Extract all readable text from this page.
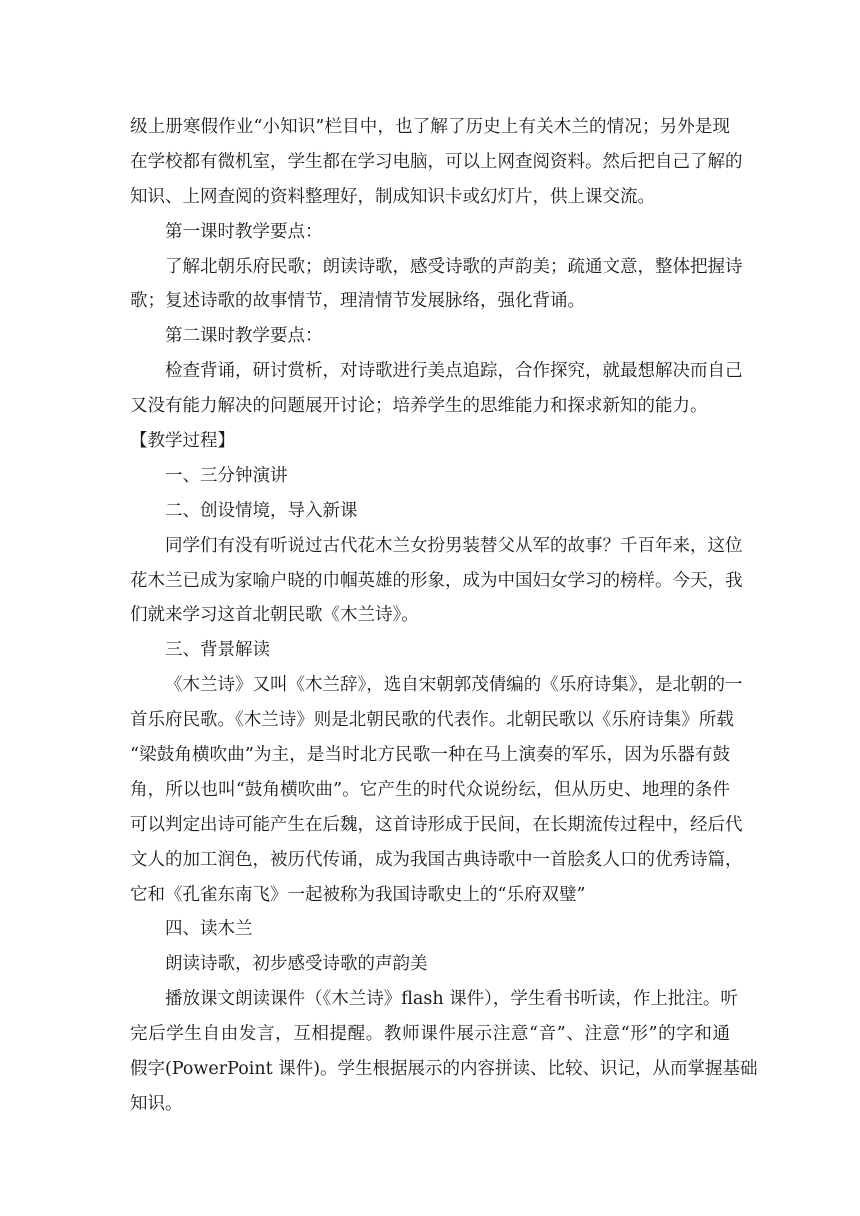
级上册寒假作业“小知识”栏目中，也了解了历史上有关木兰的情况；另外是现

在学校都有微机室，学生都在学习电脑，可以上网查阅资料。然后把自己了解的

知识、上网查阅的资料整理好，制成知识卡或幻灯片，供上课交流。

第一课时教学要点：

了解北朝乐府民歌；朗读诗歌，感受诗歌的声韵美；疏通文意，整体把握诗

歌；复述诗歌的故事情节，理清情节发展脉络，强化背诵。

第二课时教学要点：

检查背诵，研讨赏析，对诗歌进行美点追踪，合作探究，就最想解决而自己

又没有能力解决的问题展开讨论；培养学生的思维能力和探求新知的能力。

【教学过程】

一、三分钟演讲

二、创设情境，导入新课

同学们有没有听说过古代花木兰女扮男装替父从军的故事？千百年来，这位

花木兰已成为家喻户晓的巾帼英雄的形象，成为中国妇女学习的榜样。今天，我

们就来学习这首北朝民歌《木兰诗》。

三、背景解读

《木兰诗》又叫《木兰辞》，选自宋朝郭茂倩编的《乐府诗集》，是北朝的一

首乐府民歌。《木兰诗》则是北朝民歌的代表作。北朝民歌以《乐府诗集》所载

“梁鼓角横吹曲”为主，是当时北方民歌一种在马上演奏的军乐，因为乐器有鼓

角，所以也叫“鼓角横吹曲”。它产生的时代众说纷纭，但从历史、地理的条件

可以判定出诗可能产生在后魏，这首诗形成于民间，在长期流传过程中，经后代

文人的加工润色，被历代传诵，成为我国古典诗歌中一首脍炙人口的优秀诗篇，

它和《孔雀东南飞》一起被称为我国诗歌史上的“乐府双璧”

四、读木兰

朗读诗歌，初步感受诗歌的声韵美

播放课文朗读课件（《木兰诗》flash 课件），学生看书听读，作上批注。听

完后学生自由发言，互相提醒。教师课件展示注意“音”、注意“形”的字和通

假字(PowerPoint 课件)。学生根据展示的内容拼读、比较、识记，从而掌握基础

知识。
